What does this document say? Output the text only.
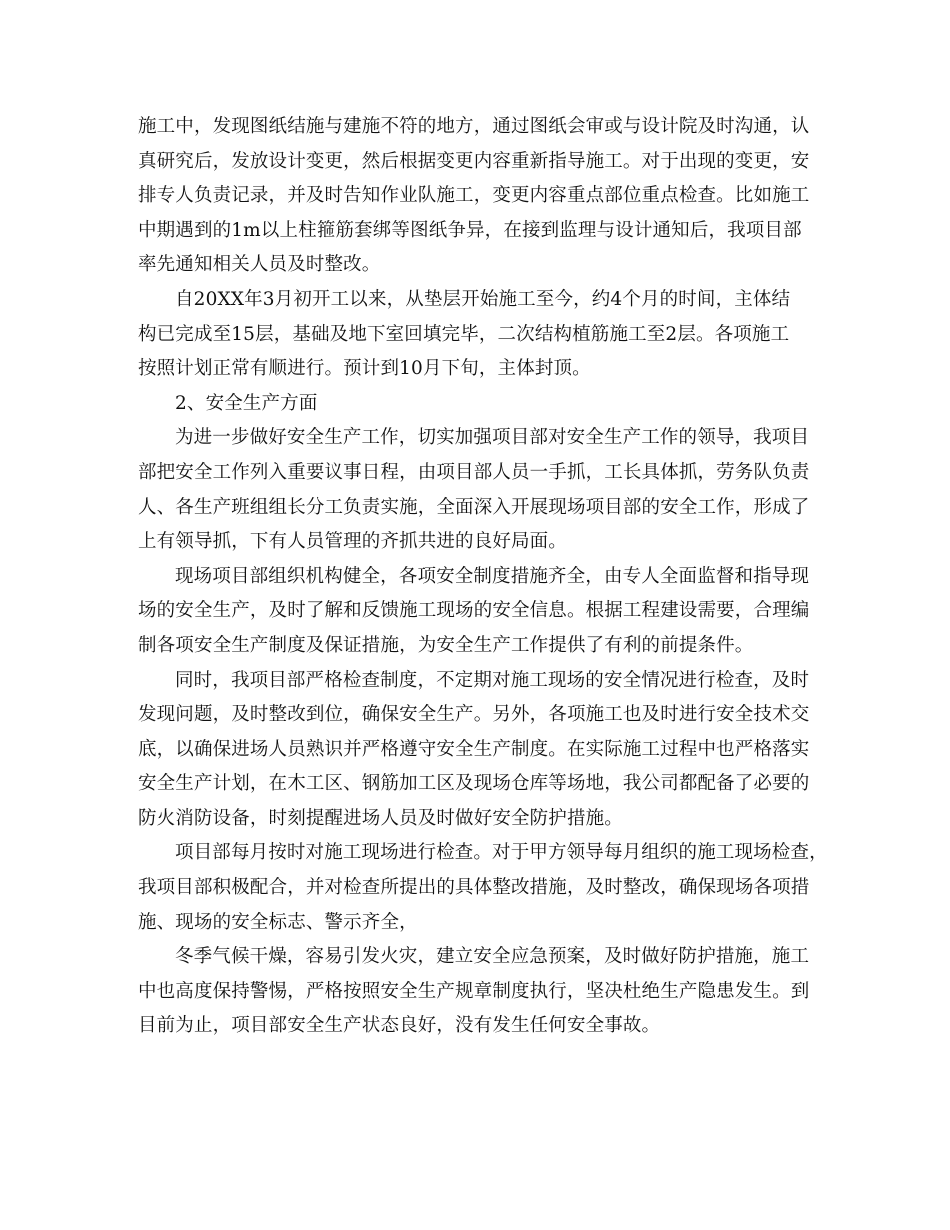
施工中，发现图纸结施与建施不符的地方，通过图纸会审或与设计院及时沟通，认
真研究后，发放设计变更，然后根据变更内容重新指导施工。对于出现的变更，安
排专人负责记录，并及时告知作业队施工，变更内容重点部位重点检查。比如施工
中期遇到的1m以上柱箍筋套绑等图纸争异，在接到监理与设计通知后，我项目部
率先通知相关人员及时整改。
自20XX年3月初开工以来，从垫层开始施工至今，约4个月的时间，主体结
构已完成至15层，基础及地下室回填完毕，二次结构植筋施工至2层。各项施工
按照计划正常有顺进行。预计到10月下旬，主体封顶。
2、安全生产方面
为进一步做好安全生产工作，切实加强项目部对安全生产工作的领导，我项目
部把安全工作列入重要议事日程，由项目部人员一手抓，工长具体抓，劳务队负责
人、各生产班组组长分工负责实施，全面深入开展现场项目部的安全工作，形成了
上有领导抓，下有人员管理的齐抓共进的良好局面。
现场项目部组织机构健全，各项安全制度措施齐全，由专人全面监督和指导现
场的安全生产，及时了解和反馈施工现场的安全信息。根据工程建设需要，合理编
制各项安全生产制度及保证措施，为安全生产工作提供了有利的前提条件。
同时，我项目部严格检查制度，不定期对施工现场的安全情况进行检查，及时
发现问题，及时整改到位，确保安全生产。另外，各项施工也及时进行安全技术交
底，以确保进场人员熟识并严格遵守安全生产制度。在实际施工过程中也严格落实
安全生产计划，在木工区、钢筋加工区及现场仓库等场地，我公司都配备了必要的
防火消防设备，时刻提醒进场人员及时做好安全防护措施。
项目部每月按时对施工现场进行检查。对于甲方领导每月组织的施工现场检查，
我项目部积极配合，并对检查所提出的具体整改措施，及时整改，确保现场各项措
施、现场的安全标志、警示齐全，
冬季气候干燥，容易引发火灾，建立安全应急预案，及时做好防护措施，施工
中也高度保持警惕，严格按照安全生产规章制度执行，坚决杜绝生产隐患发生。到
目前为止，项目部安全生产状态良好，没有发生任何安全事故。
